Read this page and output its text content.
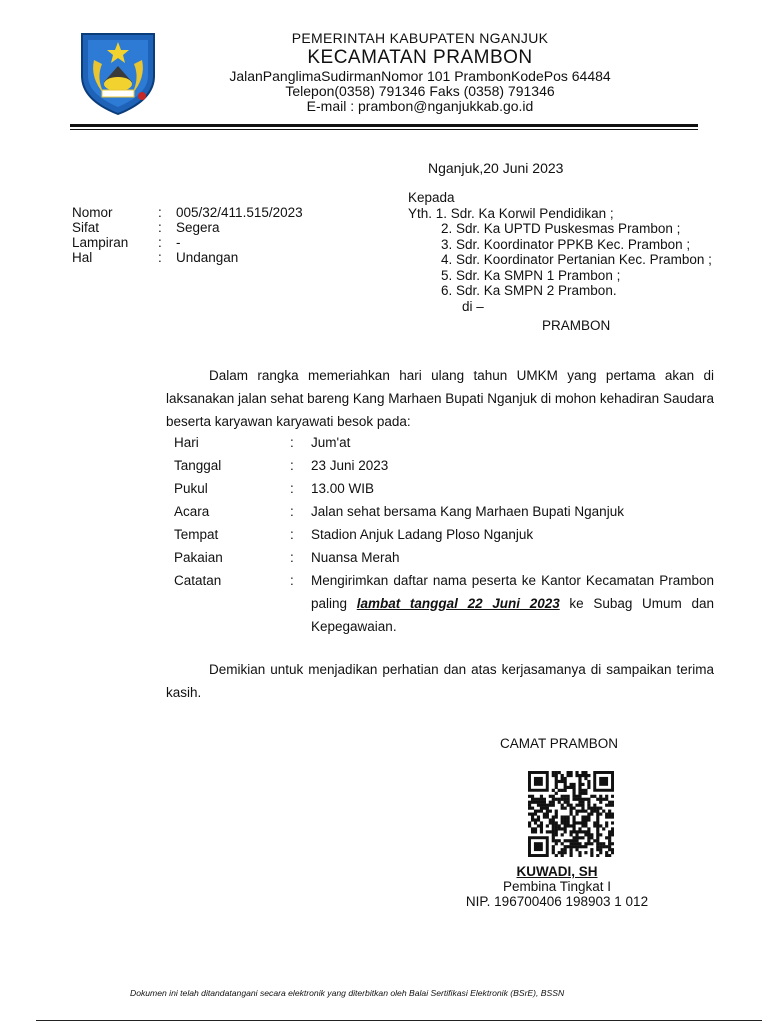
PEMERINTAH KABUPATEN NGANJUK
KECAMATAN PRAMBON
JalanPanglimaSudirmanNomor 101 PrambonKodePos 64484
Telepon(0358) 791346 Faks (0358) 791346
E-mail : prambon@nganjukkab.go.id
Nganjuk,20 Juni 2023
Nomor	:	005/32/411.515/2023
Sifat	:	Segera
Lampiran	:	-
Hal	:	Undangan
Kepada
Yth. 1. Sdr. Ka Korwil Pendidikan ;
2. Sdr. Ka UPTD Puskesmas Prambon ;
3. Sdr. Koordinator PPKB Kec. Prambon ;
4. Sdr. Koordinator Pertanian Kec. Prambon ;
5. Sdr. Ka SMPN 1 Prambon ;
6. Sdr. Ka SMPN 2 Prambon.
di –
PRAMBON
Dalam rangka memeriahkan hari ulang tahun UMKM yang pertama akan di laksanakan jalan sehat bareng Kang Marhaen Bupati Nganjuk di mohon kehadiran Saudara beserta karyawan karyawati besok pada:
Hari	:	Jum'at
Tanggal	:	23 Juni 2023
Pukul	:	13.00 WIB
Acara	:	Jalan sehat bersama Kang Marhaen Bupati Nganjuk
Tempat	:	Stadion Anjuk Ladang Ploso Nganjuk
Pakaian	:	Nuansa Merah
Catatan	:	Mengirimkan daftar nama peserta ke Kantor Kecamatan Prambon paling lambat tanggal 22 Juni 2023 ke Subag Umum dan Kepegawaian.
Demikian untuk menjadikan perhatian dan atas kerjasamanya di sampaikan terima kasih.
CAMAT PRAMBON
KUWADI, SH
Pembina Tingkat I
NIP. 196700406 198903 1 012
Dokumen ini telah ditandatangani secara elektronik yang diterbitkan oleh Balai Sertifikasi Elektronik (BSrE), BSSN
